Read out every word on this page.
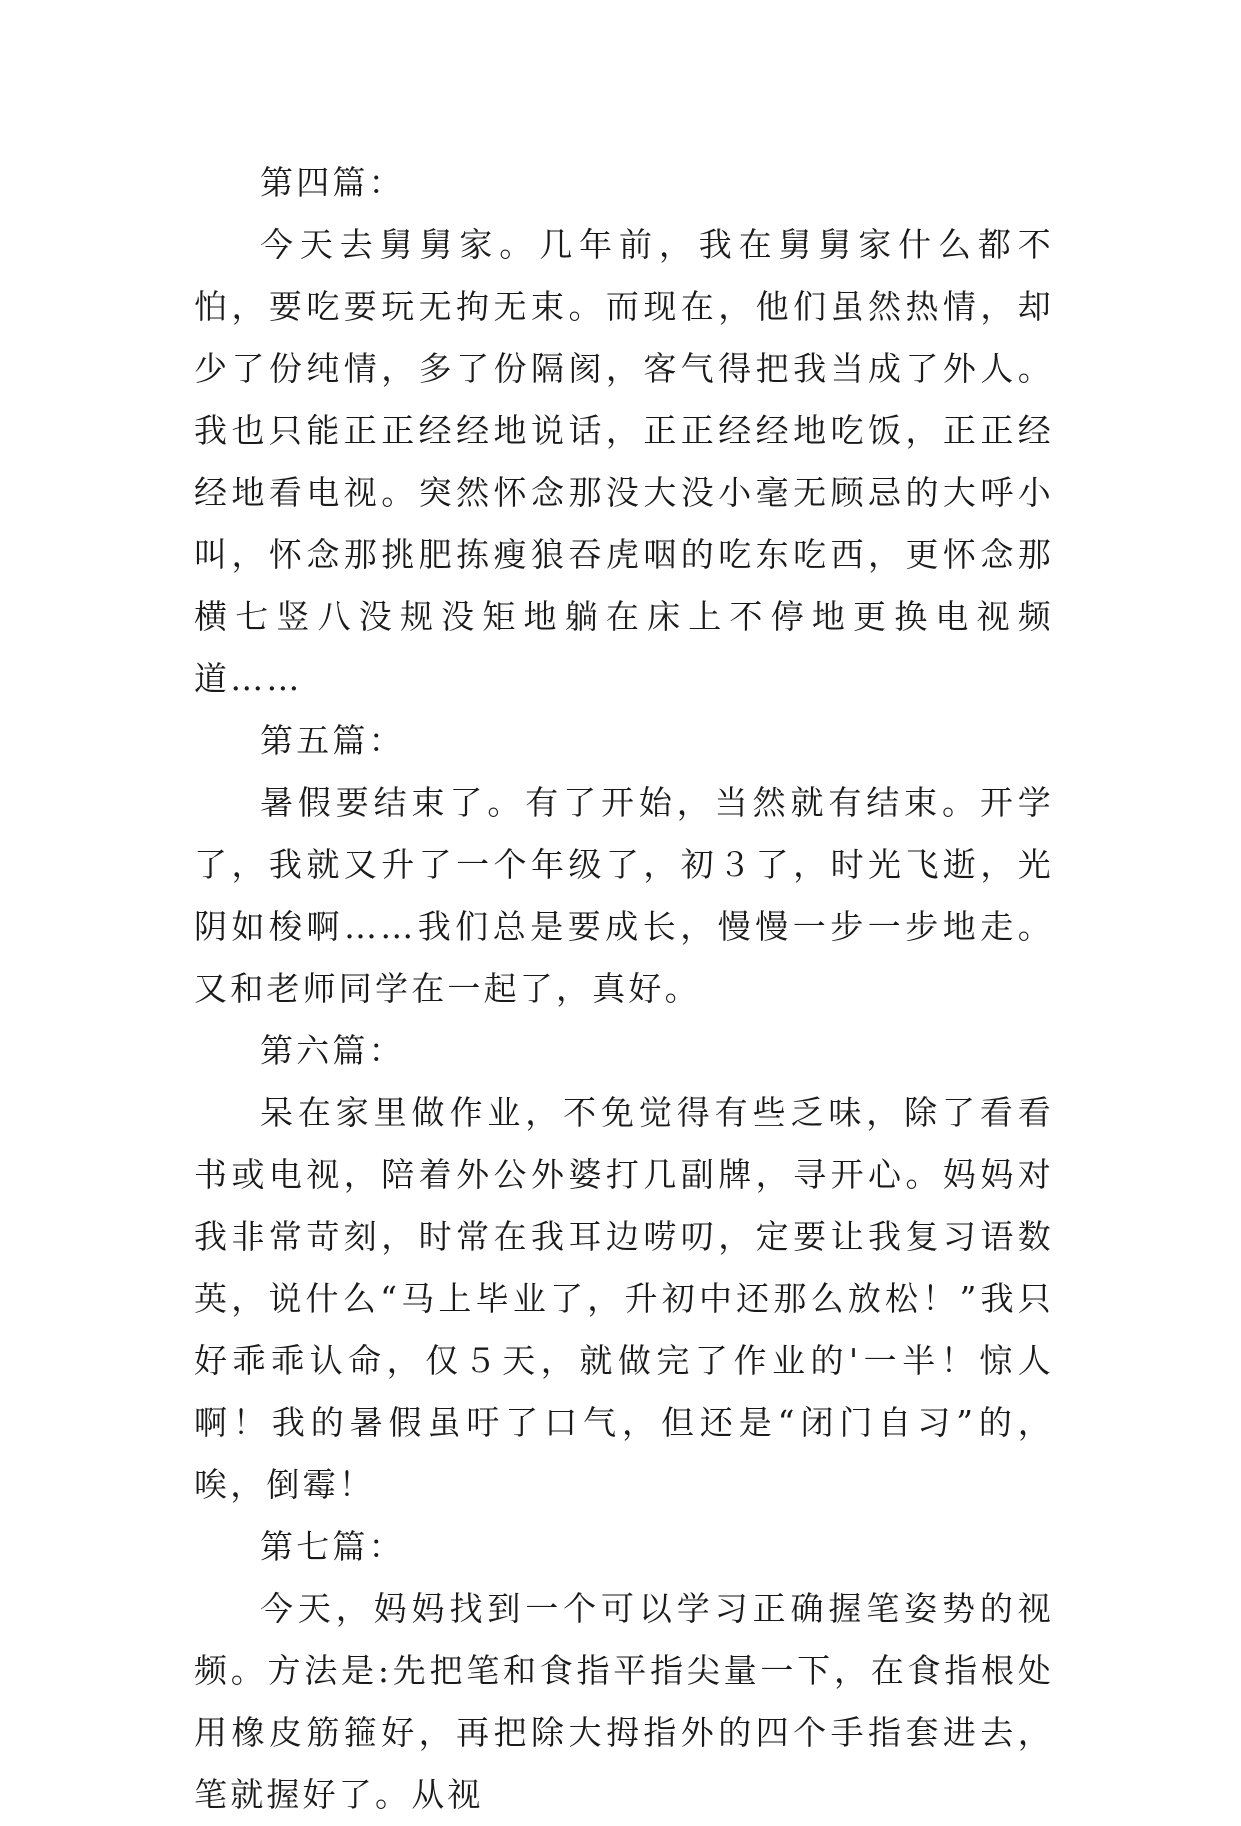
第四篇：

今天去舅舅家。几年前，我在舅舅家什么都不怕，要吃要玩无拘无束。而现在，他们虽然热情，却少了份纯情，多了份隔阂，客气得把我当成了外人。我也只能正正经经地说话，正正经经地吃饭，正正经经地看电视。突然怀念那没大没小毫无顾忌的大呼小叫，怀念那挑肥拣瘦狼吞虎咽的吃东吃西，更怀念那横七竖八没规没矩地躺在床上不停地更换电视频道……

第五篇：

暑假要结束了。有了开始，当然就有结束。开学了，我就又升了一个年级了，初３了，时光飞逝，光阴如梭啊……我们总是要成长，慢慢一步一步地走。又和老师同学在一起了，真好。

第六篇：

呆在家里做作业，不免觉得有些乏味，除了看看书或电视，陪着外公外婆打几副牌，寻开心。妈妈对我非常苛刻，时常在我耳边唠叨，定要让我复习语数英，说什么“马上毕业了，升初中还那么放松！”我只好乖乖认命，仅５天，就做完了作业的'一半！惊人啊！我的暑假虽吁了口气，但还是“闭门自习”的，唉，倒霉！

第七篇：

今天，妈妈找到一个可以学习正确握笔姿势的视频。方法是:先把笔和食指平指尖量一下，在食指根处用橡皮筋箍好，再把除大拇指外的四个手指套进去，笔就握好了。从视
